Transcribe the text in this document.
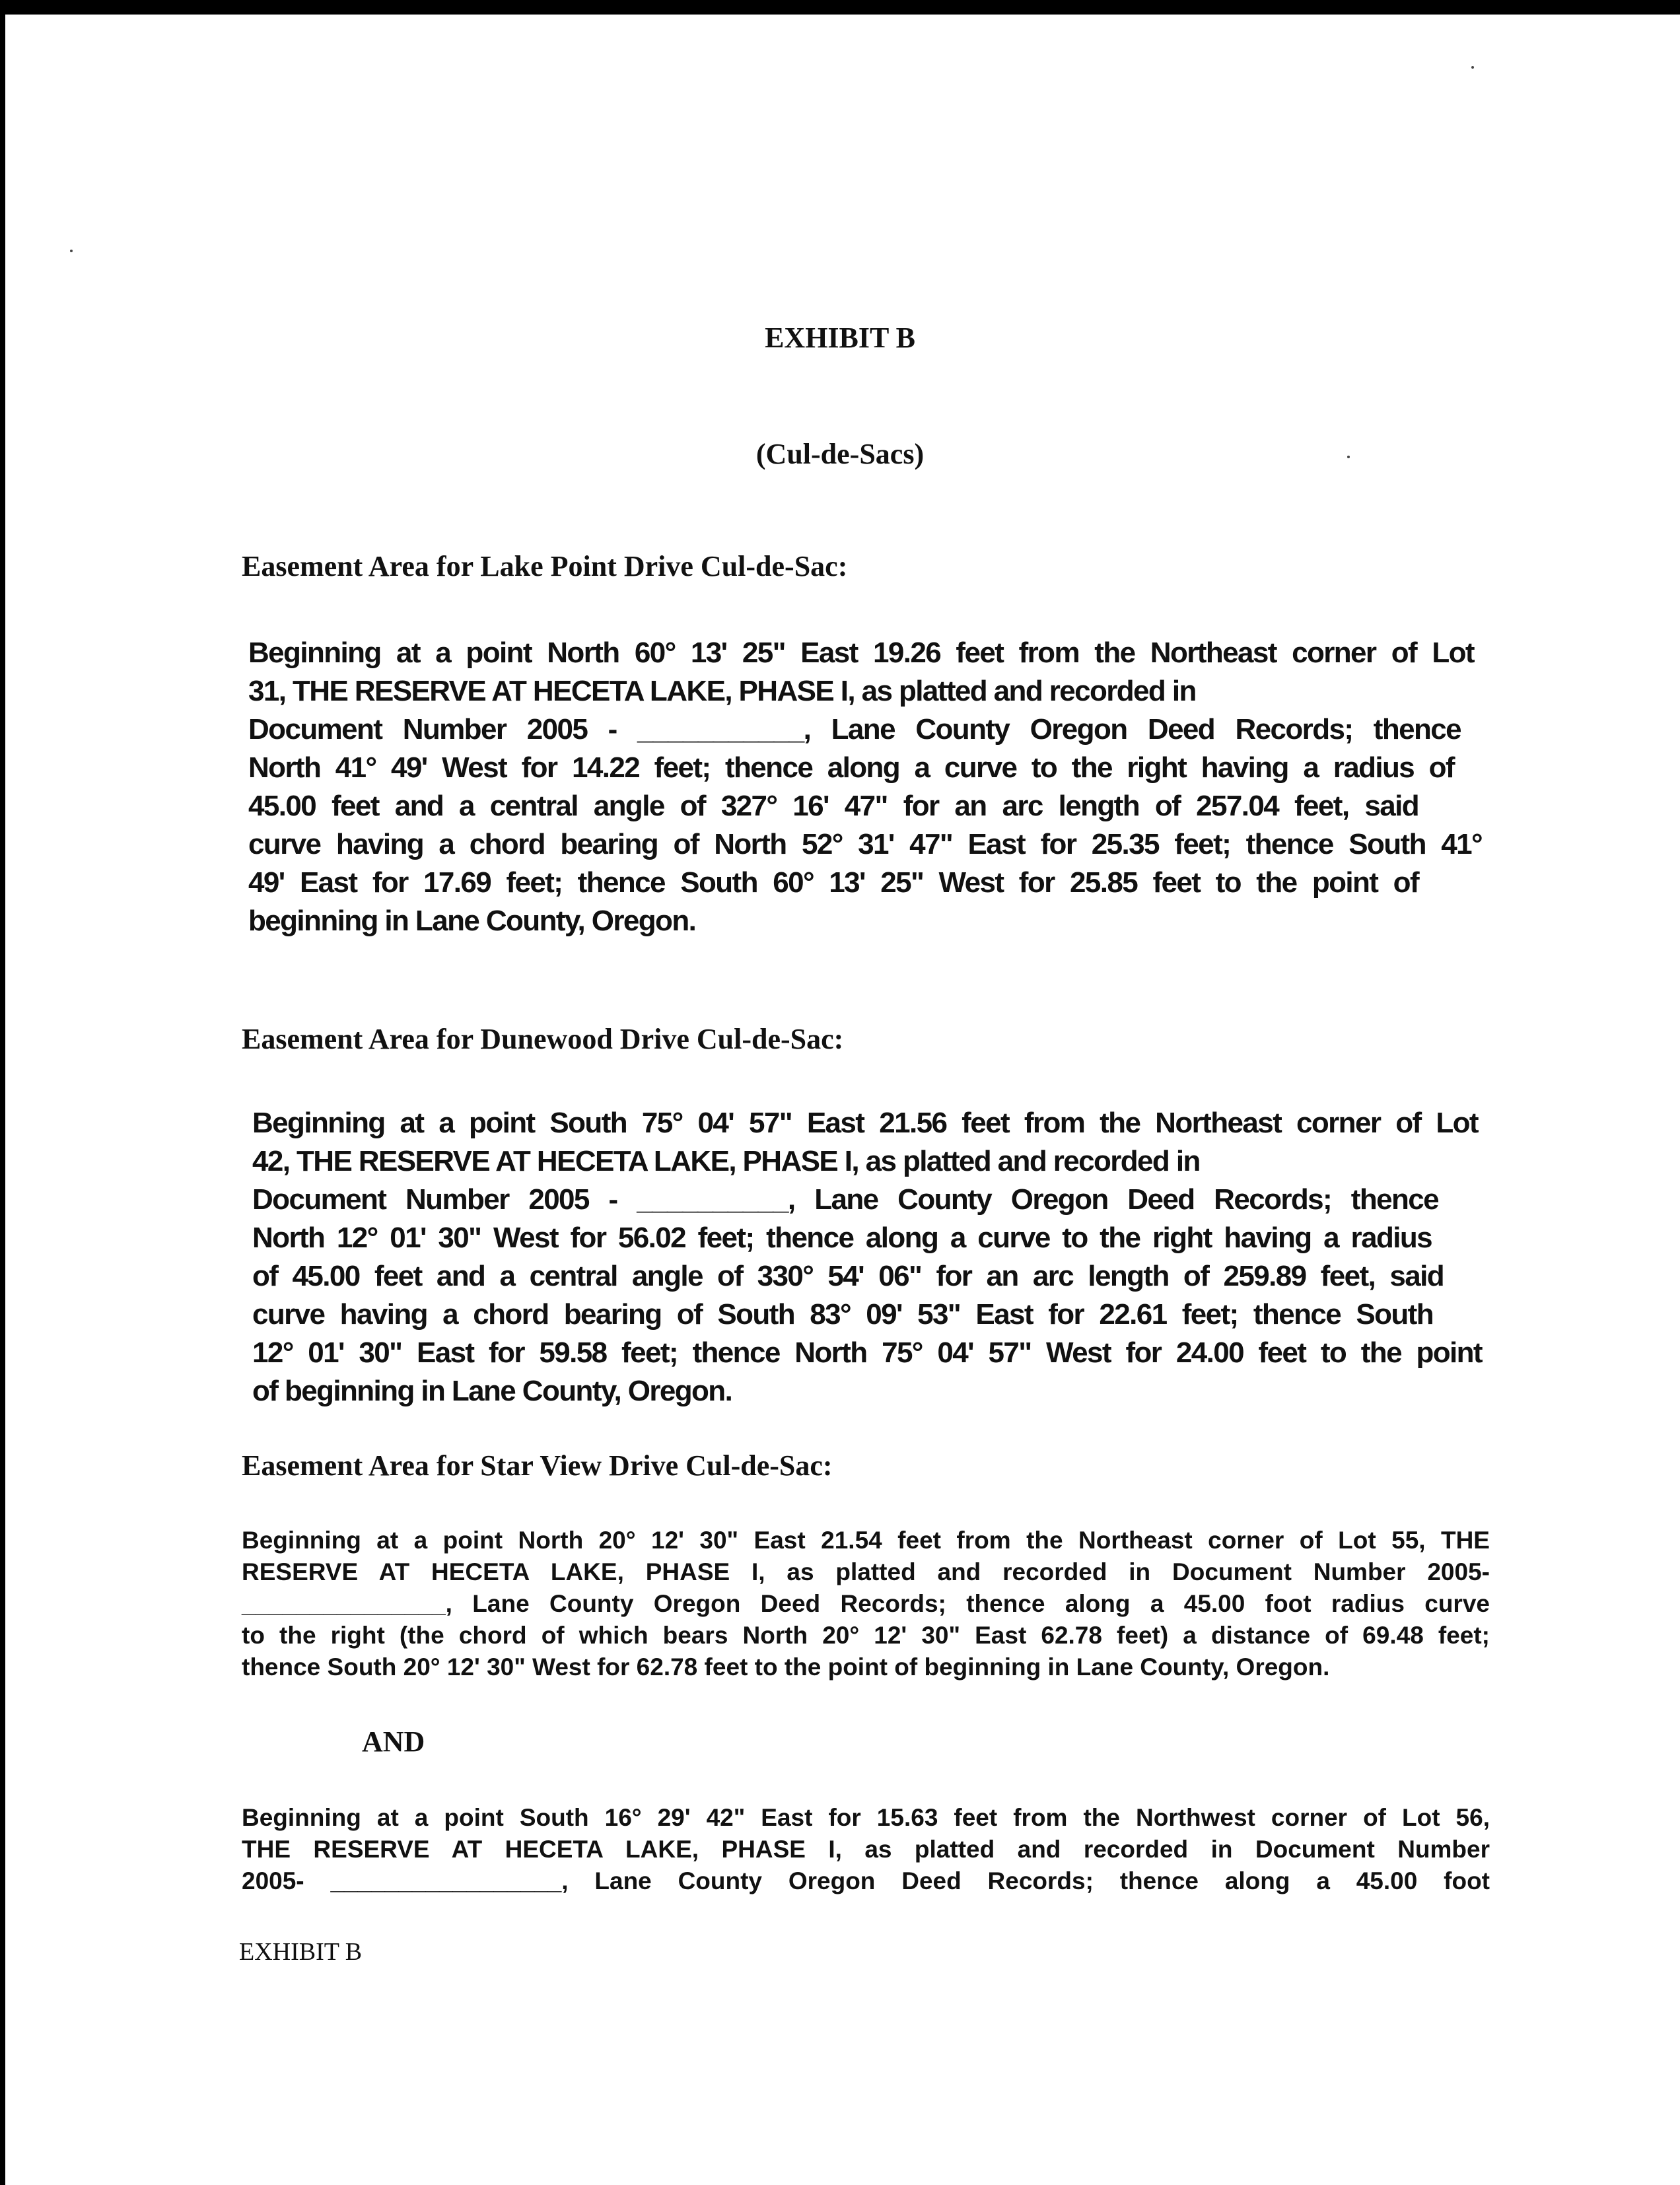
EXHIBIT B
(Cul-de-Sacs)
Easement Area for Lake Point Drive Cul-de-Sac:
Beginning at a point North 60° 13' 25" East 19.26 feet from the Northeast corner of Lot
31, THE RESERVE AT HECETA LAKE, PHASE I, as platted and recorded in
Document Number 2005 - ___________, Lane County Oregon Deed Records; thence
North 41° 49' West for 14.22 feet; thence along a curve to the right having a radius of
45.00 feet and a central angle of 327° 16' 47" for an arc length of 257.04 feet, said
curve having a chord bearing of North 52° 31' 47" East for 25.35 feet; thence South 41°
49' East for 17.69 feet; thence South 60° 13' 25" West for 25.85 feet to the point of
beginning in Lane County, Oregon.
Easement Area for Dunewood Drive Cul-de-Sac:
Beginning at a point South 75° 04' 57" East 21.56 feet from the Northeast corner of Lot
42, THE RESERVE AT HECETA LAKE, PHASE I, as platted and recorded in
Document Number 2005 - __________, Lane County Oregon Deed Records; thence
North 12° 01' 30" West for 56.02 feet; thence along a curve to the right having a radius
of 45.00 feet and a central angle of 330° 54' 06" for an arc length of 259.89 feet, said
curve having a chord bearing of South 83° 09' 53" East for 22.61 feet; thence South
12° 01' 30" East for 59.58 feet; thence North 75° 04' 57" West for 24.00 feet to the point
of beginning in Lane County, Oregon.
Easement Area for Star View Drive Cul-de-Sac:
Beginning at a point North 20° 12' 30" East 21.54 feet from the Northeast corner of Lot 55, THE
RESERVE AT HECETA LAKE, PHASE I, as platted and recorded in Document Number 2005-
_______________, Lane County Oregon Deed Records; thence along a 45.00 foot radius curve
to the right (the chord of which bears North 20° 12' 30" East 62.78 feet) a distance of 69.48 feet;
thence South 20° 12' 30" West for 62.78 feet to the point of beginning in Lane County, Oregon.
AND
Beginning at a point South 16° 29' 42" East for 15.63 feet from the Northwest corner of Lot 56,
THE RESERVE AT HECETA LAKE, PHASE I, as platted and recorded in Document Number
2005- _________________, Lane County Oregon Deed Records; thence along a 45.00 foot
EXHIBIT B
